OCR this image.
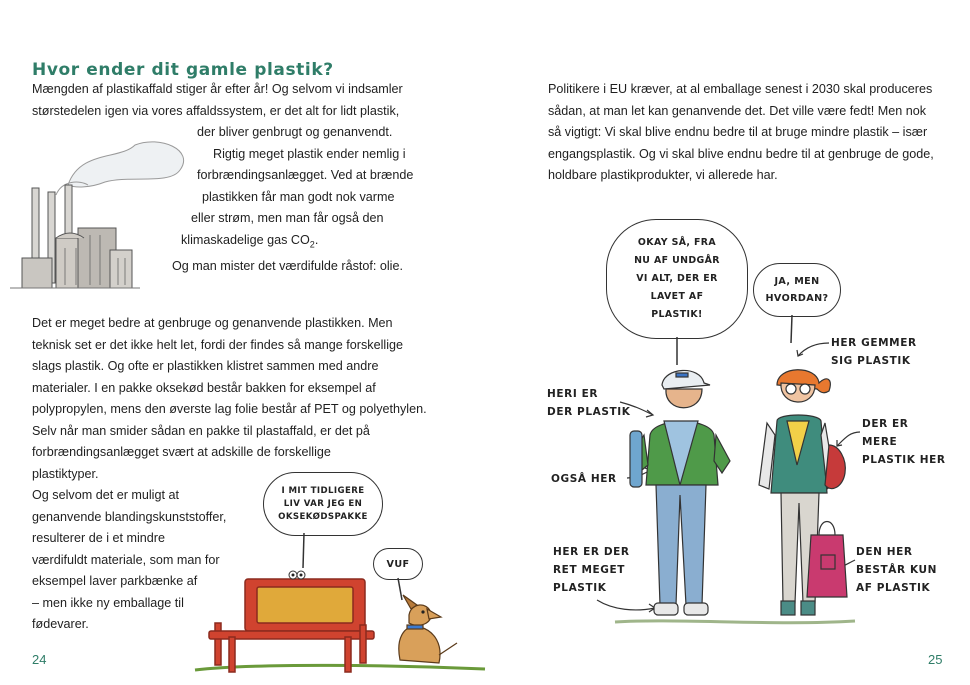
Hvor ender dit gamle plastik?

Mængden af plastikaffald stiger år efter år! Og selvom vi indsamler
størstedelen igen via vores affaldssystem, er det alt for lidt plastik,
der bliver genbrugt og genanvendt.
Rigtig meget plastik ender nemlig i
forbrændingsanlægget. Ved at brænde
plastikken får man godt nok varme
eller strøm, men man får også den
klimaskadelige gas $CO_2$.
Og man mister det værdifulde råstof: olie.

Det er meget bedre at genbruge og genanvende plastikken. Men
teknisk set er det ikke helt let, fordi der findes så mange forskellige
slags plastik. Og ofte er plastikken klistret sammen med andre
materialer. I en pakke oksekød består bakken for eksempel af
polypropylen, mens den øverste lag folie består af PET og polyethylen.
Selv når man smider sådan en pakke til plastaffald, er det på
forbrændingsanlægget svært at adskille de forskellige
plastiktyper.

Og selvom det er muligt at
genanvende blandingskunststoffer,
resulterer de i et mindre
værdifuldt materiale, som man for
eksempel laver parkbænke af
– men ikke ny emballage til
fødevarer.

I MIT TIDLIGERE
LIV VAR JEG EN
OKSEKØDSPAKKE
VUF
24

Politikere i EU kræver, at al emballage senest i 2030 skal produceres
sådan, at man let kan genanvende det. Det ville være fedt! Men nok
så vigtigt: Vi skal blive endnu bedre til at bruge mindre plastik – især
engangsplastik. Og vi skal blive endnu bedre til at genbruge de gode,
holdbare plastikprodukter, vi allerede har.

OKAY SÅ, FRA
NU AF UNDGÅR
VI ALT, DER ER
LAVET AF
PLASTIK!
JA, MEN
HVORDAN?
HERI ER
DER PLASTIK
OGSÅ HER
HER ER DER
RET MEGET
PLASTIK
HER GEMMER
SIG PLASTIK
DER ER
MERE
PLASTIK HER
DEN HER
BESTÅR KUN
AF PLASTIK
25
